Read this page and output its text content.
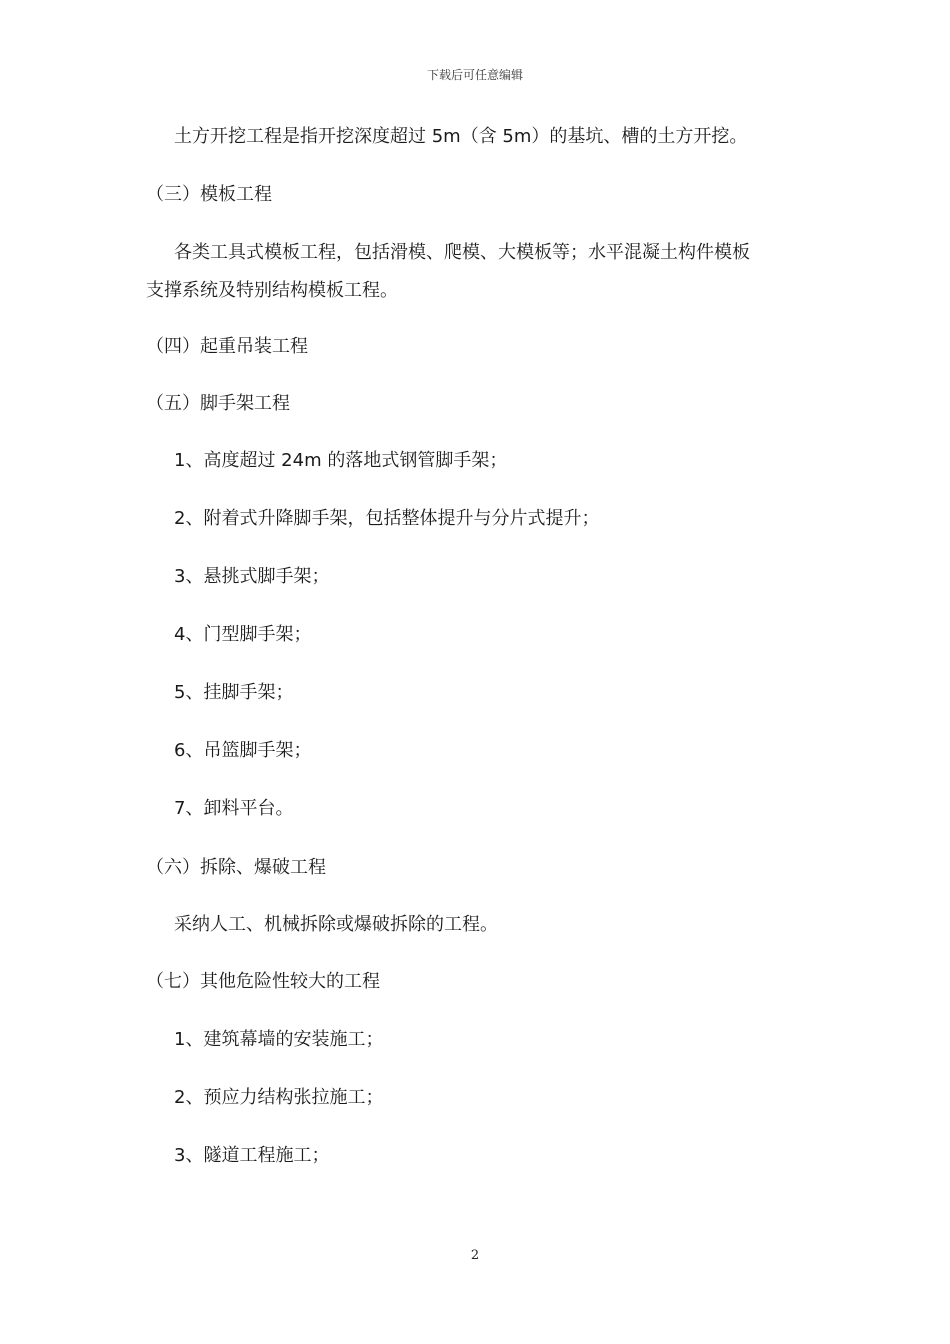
下载后可任意编辑
土方开挖工程是指开挖深度超过 5m（含 5m）的基坑、槽的土方开挖。
（三）模板工程
各类工具式模板工程，包括滑模、爬模、大模板等；水平混凝土构件模板
支撑系统及特别结构模板工程。
（四）起重吊装工程
（五）脚手架工程
1、高度超过 24m 的落地式钢管脚手架；
2、附着式升降脚手架，包括整体提升与分片式提升；
3、悬挑式脚手架；
4、门型脚手架；
5、挂脚手架；
6、吊篮脚手架；
7、卸料平台。
（六）拆除、爆破工程
采纳人工、机械拆除或爆破拆除的工程。
（七）其他危险性较大的工程
1、建筑幕墙的安装施工；
2、预应力结构张拉施工；
3、隧道工程施工；
2
